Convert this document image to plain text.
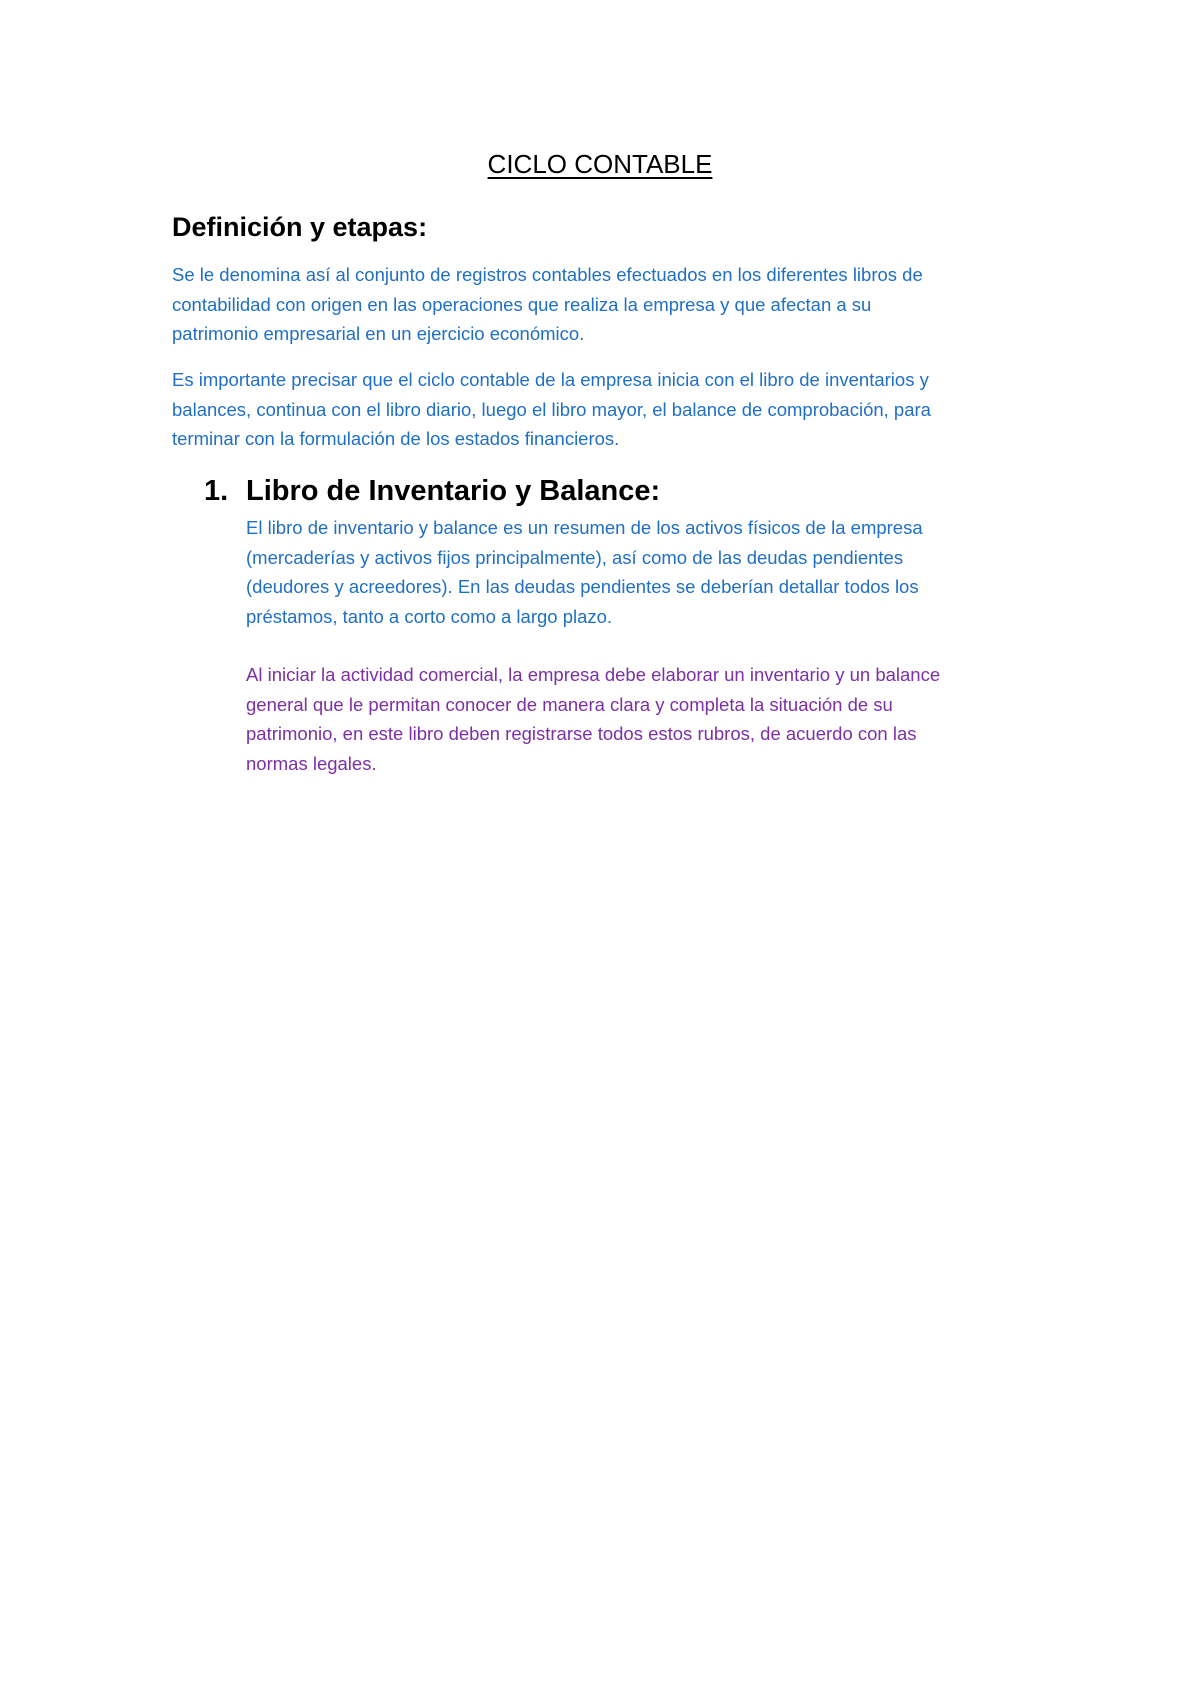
CICLO CONTABLE
Definición y etapas:

Se le denomina así al conjunto de registros contables efectuados en los diferentes libros de
contabilidad con origen en las operaciones que realiza la empresa y que afectan a su
patrimonio empresarial en un ejercicio económico.

Es importante precisar que el ciclo contable de la empresa inicia con el libro de inventarios y
balances, continua con el libro diario, luego el libro mayor, el balance de comprobación, para
terminar con la formulación de los estados financieros.

1. Libro de Inventario y Balance:

El libro de inventario y balance es un resumen de los activos físicos de la empresa
(mercaderías y activos fijos principalmente), así como de las deudas pendientes
(deudores y acreedores). En las deudas pendientes se deberían detallar todos los
préstamos, tanto a corto como a largo plazo.

Al iniciar la actividad comercial, la empresa debe elaborar un inventario y un balance
general que le permitan conocer de manera clara y completa la situación de su
patrimonio, en este libro deben registrarse todos estos rubros, de acuerdo con las
normas legales.
